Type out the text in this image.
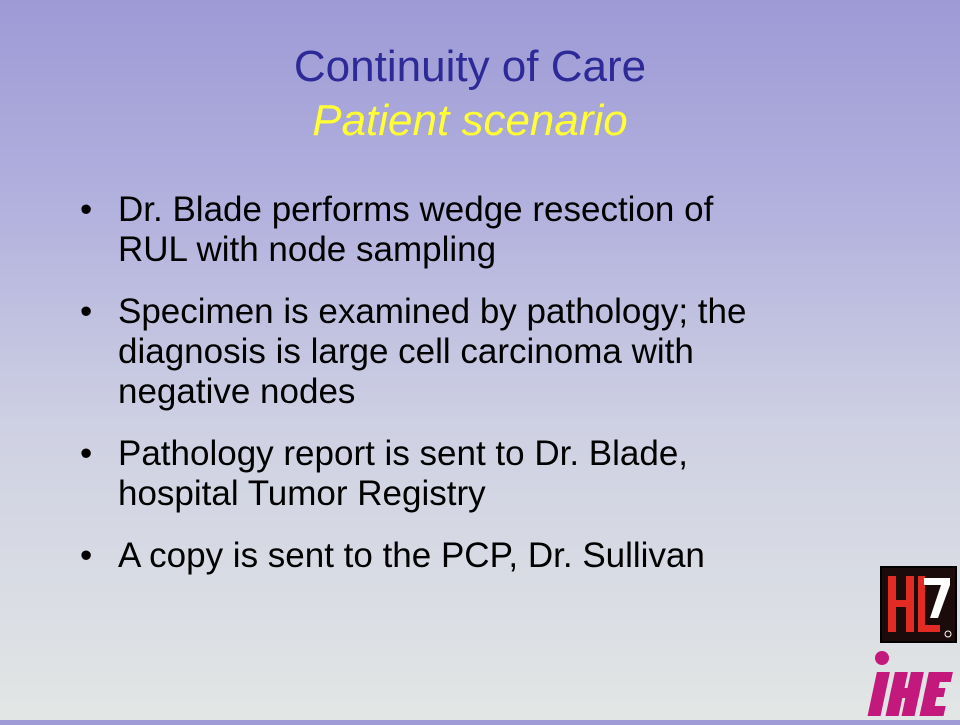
Continuity of Care
Patient scenario
• Dr. Blade performs wedge resection of
RUL with node sampling
• Specimen is examined by pathology; the
diagnosis is large cell carcinoma with
negative nodes
• Pathology report is sent to Dr. Blade,
hospital Tumor Registry
• A copy is sent to the PCP, Dr. Sullivan
